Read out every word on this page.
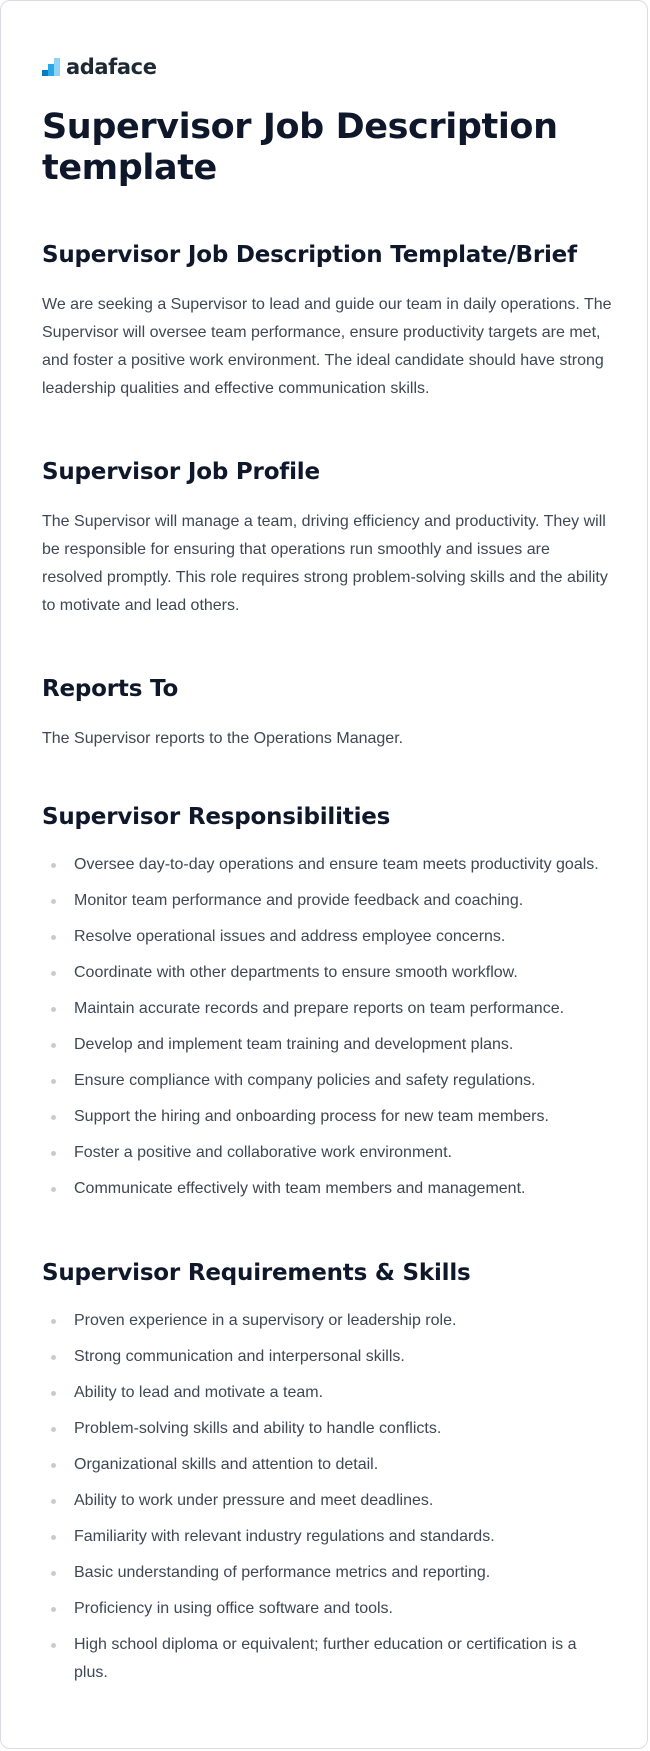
adaface
Supervisor Job Description template
Supervisor Job Description Template/Brief

We are seeking a Supervisor to lead and guide our team in daily operations. The Supervisor will oversee team performance, ensure productivity targets are met, and foster a positive work environment. The ideal candidate should have strong leadership qualities and effective communication skills.

Supervisor Job Profile

The Supervisor will manage a team, driving efficiency and productivity. They will be responsible for ensuring that operations run smoothly and issues are resolved promptly. This role requires strong problem-solving skills and the ability to motivate and lead others.

Reports To

The Supervisor reports to the Operations Manager.

Supervisor Responsibilities
Oversee day-to-day operations and ensure team meets productivity goals.
Monitor team performance and provide feedback and coaching.
Resolve operational issues and address employee concerns.
Coordinate with other departments to ensure smooth workflow.
Maintain accurate records and prepare reports on team performance.
Develop and implement team training and development plans.
Ensure compliance with company policies and safety regulations.
Support the hiring and onboarding process for new team members.
Foster a positive and collaborative work environment.
Communicate effectively with team members and management.
Supervisor Requirements & Skills
Proven experience in a supervisory or leadership role.
Strong communication and interpersonal skills.
Ability to lead and motivate a team.
Problem-solving skills and ability to handle conflicts.
Organizational skills and attention to detail.
Ability to work under pressure and meet deadlines.
Familiarity with relevant industry regulations and standards.
Basic understanding of performance metrics and reporting.
Proficiency in using office software and tools.
High school diploma or equivalent; further education or certification is a plus.
